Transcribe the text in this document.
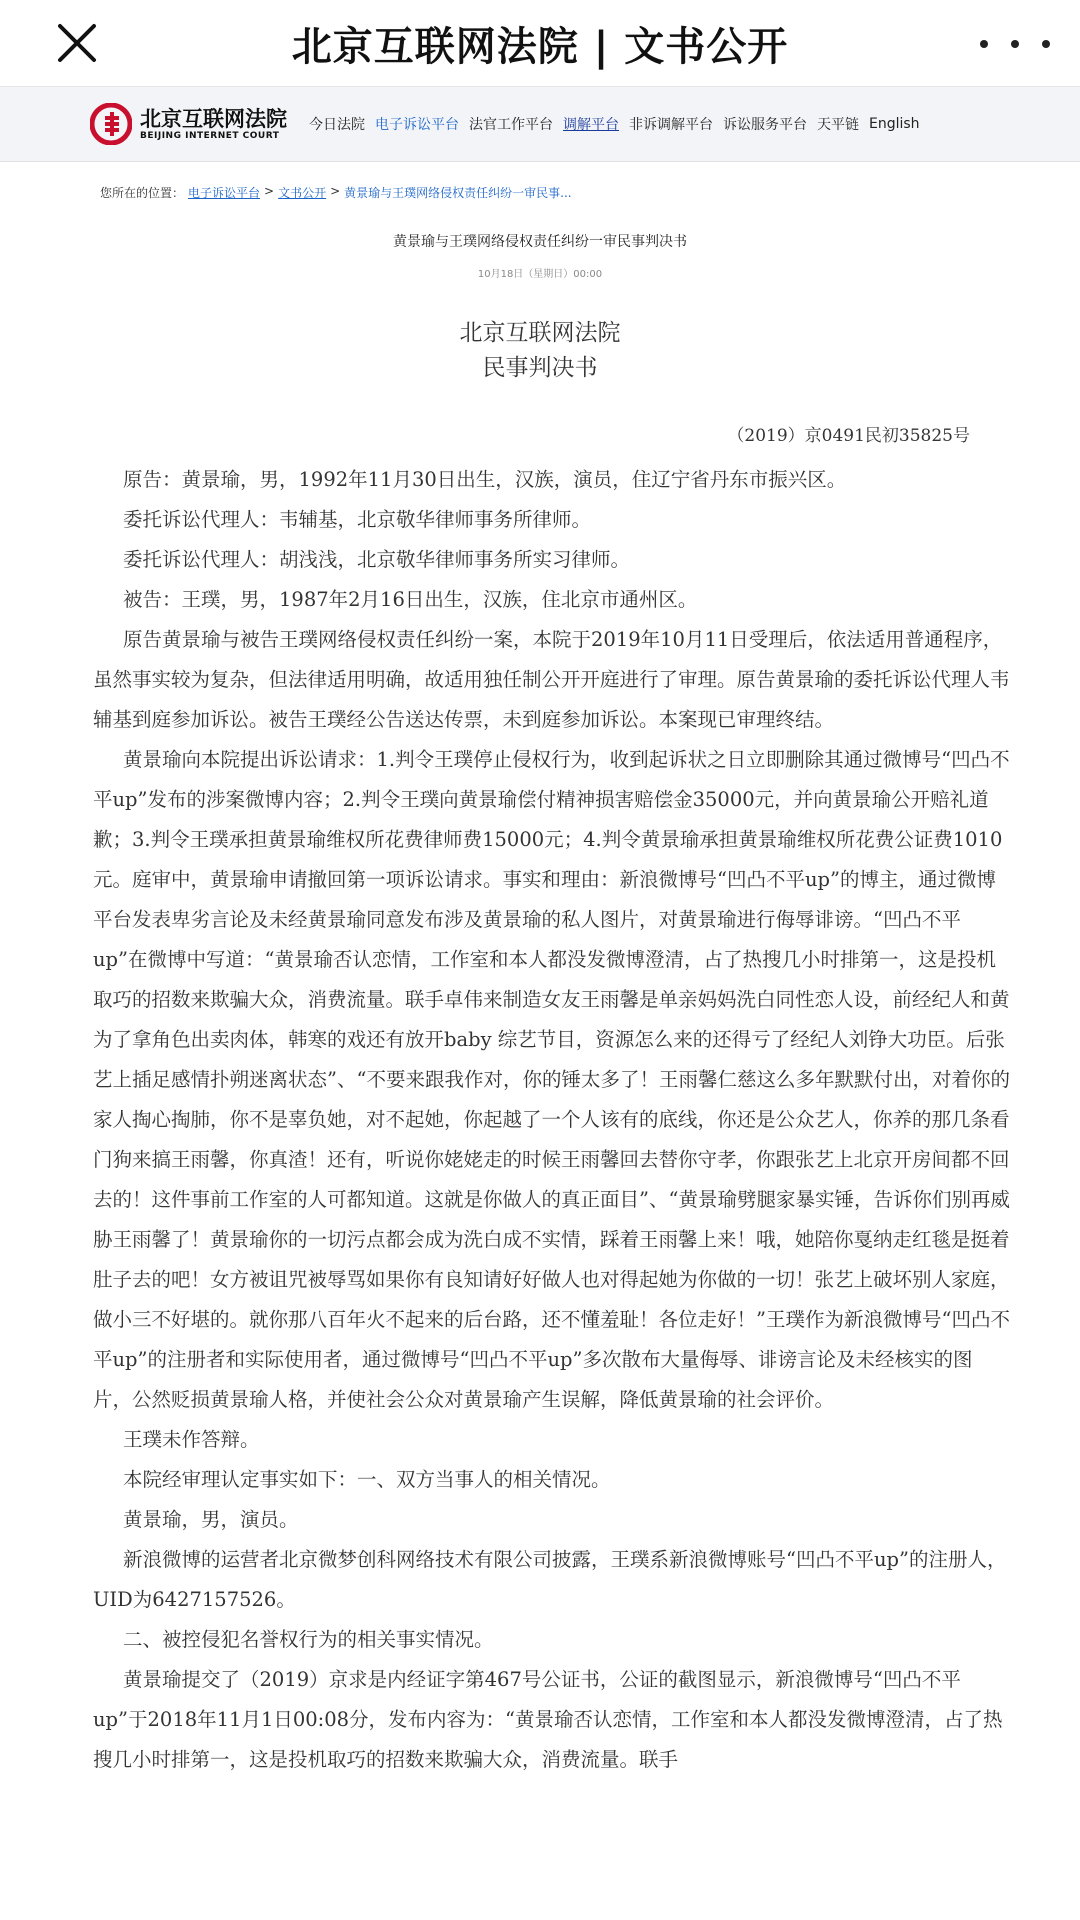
北京互联网法院 | 文书公开
北京互联网法院
BEIJING INTERNET COURT
今日法院 电子诉讼平台 法官工作平台 调解平台 非诉调解平台 诉讼服务平台 天平链 English
您所在的位置： 电子诉讼平台 > 文书公开 > 黄景瑜与王璞网络侵权责任纠纷一审民事...
黄景瑜与王璞网络侵权责任纠纷一审民事判决书
10月18日（星期日）00:00
北京互联网法院
民事判决书
（2019）京0491民初35825号

原告：黄景瑜，男，1992年11月30日出生，汉族，演员，住辽宁省丹东市振兴区。

委托诉讼代理人：韦辅基，北京敬华律师事务所律师。

委托诉讼代理人：胡浅浅，北京敬华律师事务所实习律师。

被告：王璞，男，1987年2月16日出生，汉族，住北京市通州区。

原告黄景瑜与被告王璞网络侵权责任纠纷一案，本院于2019年10月11日受理后，依法适用普通程序，虽然事实较为复杂，但法律适用明确，故适用独任制公开开庭进行了审理。原告黄景瑜的委托诉讼代理人韦辅基到庭参加诉讼。被告王璞经公告送达传票，未到庭参加诉讼。本案现已审理终结。

黄景瑜向本院提出诉讼请求：1.判令王璞停止侵权行为，收到起诉状之日立即删除其通过微博号“凹凸不平up”发布的涉案微博内容；2.判令王璞向黄景瑜偿付精神损害赔偿金35000元，并向黄景瑜公开赔礼道歉；3.判令王璞承担黄景瑜维权所花费律师费15000元；4.判令黄景瑜承担黄景瑜维权所花费公证费1010元。庭审中，黄景瑜申请撤回第一项诉讼请求。事实和理由：新浪微博号“凹凸不平up”的博主，通过微博平台发表卑劣言论及未经黄景瑜同意发布涉及黄景瑜的私人图片，对黄景瑜进行侮辱诽谤。“凹凸不平up”在微博中写道：“黄景瑜否认恋情，工作室和本人都没发微博澄清，占了热搜几小时排第一，这是投机取巧的招数来欺骗大众，消费流量。联手卓伟来制造女友王雨馨是单亲妈妈洗白同性恋人设，前经纪人和黄为了拿角色出卖肉体，韩寒的戏还有放开baby 综艺节目，资源怎么来的还得亏了经纪人刘铮大功臣。后张艺上插足感情扑朔迷离状态”、“不要来跟我作对，你的锤太多了！王雨馨仁慈这么多年默默付出，对着你的家人掏心掏肺，你不是辜负她，对不起她，你起越了一个人该有的底线，你还是公众艺人，你养的那几条看门狗来搞王雨馨，你真渣！还有，听说你姥姥走的时候王雨馨回去替你守孝，你跟张艺上北京开房间都不回去的！这件事前工作室的人可都知道。这就是你做人的真正面目”、“黄景瑜劈腿家暴实锤，告诉你们别再威胁王雨馨了！黄景瑜你的一切污点都会成为洗白成不实情，踩着王雨馨上来！哦，她陪你戛纳走红毯是挺着肚子去的吧！女方被诅咒被辱骂如果你有良知请好好做人也对得起她为你做的一切！张艺上破坏别人家庭，做小三不好堪的。就你那八百年火不起来的后台路，还不懂羞耻！各位走好！”王璞作为新浪微博号“凹凸不平up”的注册者和实际使用者，通过微博号“凹凸不平up”多次散布大量侮辱、诽谤言论及未经核实的图片，公然贬损黄景瑜人格，并使社会公众对黄景瑜产生误解，降低黄景瑜的社会评价。

王璞未作答辩。

本院经审理认定事实如下：一、双方当事人的相关情况。

黄景瑜，男，演员。

新浪微博的运营者北京微梦创科网络技术有限公司披露，王璞系新浪微博账号“凹凸不平up”的注册人，UID为6427157526。

二、被控侵犯名誉权行为的相关事实情况。

黄景瑜提交了（2019）京求是内经证字第467号公证书，公证的截图显示，新浪微博号“凹凸不平up”于2018年11月1日00:08分，发布内容为：“黄景瑜否认恋情，工作室和本人都没发微博澄清，占了热搜几小时排第一，这是投机取巧的招数来欺骗大众，消费流量。联手
